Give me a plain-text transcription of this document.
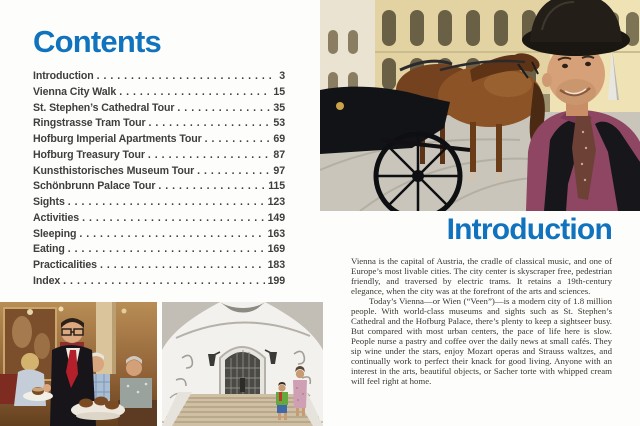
Contents
Introduction . . .	3
Vienna City Walk . . .	15
St. Stephen’s Cathedral Tour . . .	35
Ringstrasse Tram Tour . . .	53
Hofburg Imperial Apartments Tour . . .	69
Hofburg Treasury Tour . . .	87
Kunsthistorisches Museum Tour . . .	97
Schönbrunn Palace Tour . . .	115
Sights . . .	123
Activities . . .	149
Sleeping . . .	163
Eating . . .	169
Practicalities . . .	183
Index . . .	199
Introduction

Vienna is the capital of Austria, the cradle of classical music, and one of Europe’s most livable cities. The city center is skyscraper free, pedestrian friendly, and traversed by electric trams. It retains a 19th-century elegance, when the city was at the forefront of the arts and sciences.

Today’s Vienna—or Wien (“Veen”)—is a modern city of 1.8 million people. With world-class museums and sights such as St. Stephen’s Cathedral and the Hofburg Palace, there’s plenty to keep a sightseer busy. But compared with most urban centers, the pace of life here is slow. People nurse a pastry and coffee over the daily news at small cafés. They sip wine under the stars, enjoy Mozart operas and Strauss waltzes, and continually work to perfect their knack for good living. Anyone with an interest in the arts, beautiful objects, or Sacher torte with whipped cream will feel right at home.
